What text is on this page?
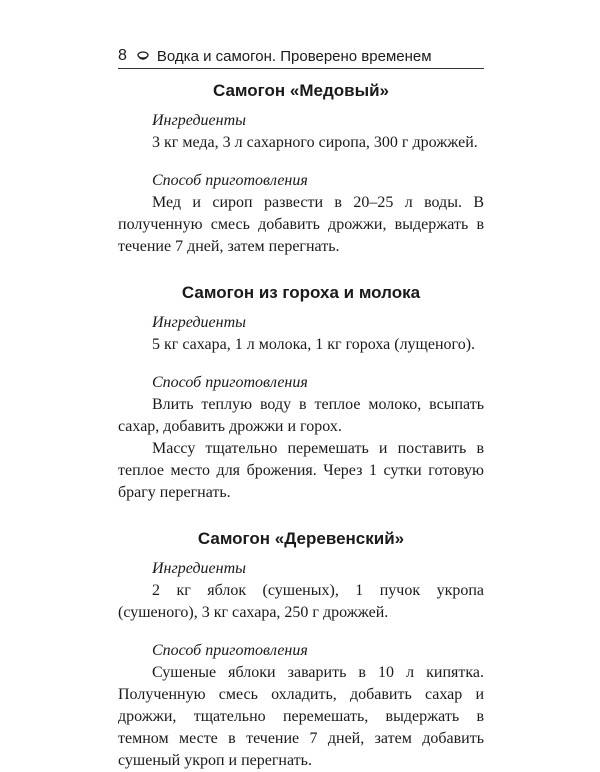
8 Водка и самогон. Проверено временем
Самогон «Медовый»

Ингредиенты

3 кг меда, 3 л сахарного сиропа, 300 г дрожжей.

Способ приготовления

Мед и сироп развести в 20–25 л воды. В полученную смесь добавить дрожжи, выдержать в течение 7 дней, затем перегнать.

Самогон из гороха и молока

Ингредиенты

5 кг сахара, 1 л молока, 1 кг гороха (лущеного).

Способ приготовления

Влить теплую воду в теплое молоко, всыпать сахар, добавить дрожжи и горох.

Массу тщательно перемешать и поставить в теплое место для брожения. Через 1 сутки готовую брагу перегнать.

Самогон «Деревенский»

Ингредиенты

2 кг яблок (сушеных), 1 пучок укропа (сушеного), 3 кг сахара, 250 г дрожжей.

Способ приготовления

Сушеные яблоки заварить в 10 л кипятка. Полученную смесь охладить, добавить сахар и дрожжи, тщательно перемешать, выдержать в темном месте в течение 7 дней, затем добавить сушеный укроп и перегнать.
